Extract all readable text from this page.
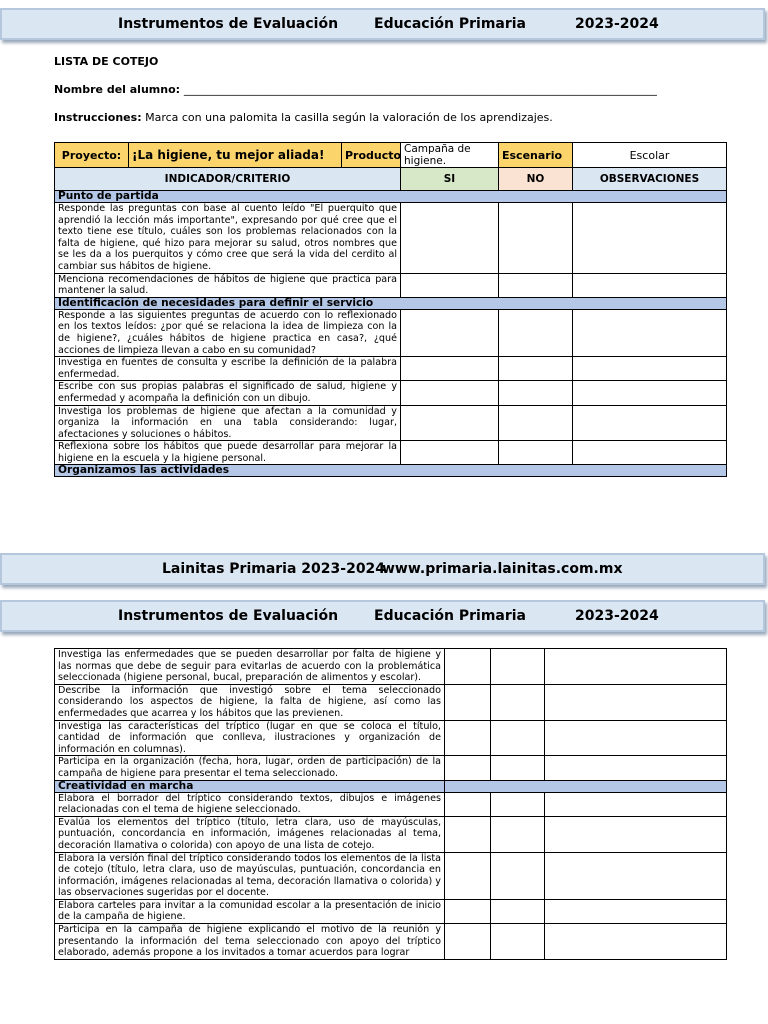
Instrumentos de Evaluación	Educación Primaria	2023-2024
LISTA DE COTEJO
Nombre del alumno: ______________________________________________________________________________________
Instrucciones: Marca con una palomita la casilla según la valoración de los aprendizajes.
Proyecto:	¡La higiene, tu mejor aliada!	Producto	Campaña de higiene.	Escenario	Escolar
INDICADOR/CRITERIO			SI	NO	OBSERVACIONES
Punto de partida					
Responde las preguntas con base al cuento leído "El puerquito que aprendió la lección más importante", expresando por qué cree que el texto tiene ese título, cuáles son los problemas relacionados con la falta de higiene, qué hizo para mejorar su salud, otros nombres que se les da a los puerquitos y cómo cree que será la vida del cerdito al cambiar sus hábitos de higiene.					
Menciona recomendaciones de hábitos de higiene que practica para mantener la salud.					
Identificación de necesidades para definir el servicio					
Responde a las siguientes preguntas de acuerdo con lo reflexionado en los textos leídos: ¿por qué se relaciona la idea de limpieza con la de higiene?, ¿cuáles hábitos de higiene practica en casa?, ¿qué acciones de limpieza llevan a cabo en su comunidad?					
Investiga en fuentes de consulta y escribe la definición de la palabra enfermedad.					
Escribe con sus propias palabras el significado de salud, higiene y enfermedad y acompaña la definición con un dibujo.					
Investiga los problemas de higiene que afectan a la comunidad y organiza la información en una tabla considerando: lugar, afectaciones y soluciones o hábitos.					
Reflexiona sobre los hábitos que puede desarrollar para mejorar la higiene en la escuela y la higiene personal.					
Organizamos las actividades					
Lainitas Primaria 2023-2024
www.primaria.lainitas.com.mx
Instrumentos de Evaluación	Educación Primaria	2023-2024
Investiga las enfermedades que se pueden desarrollar por falta de higiene y las normas que debe de seguir para evitarlas de acuerdo con la problemática seleccionada (higiene personal, bucal, preparación de alimentos y escolar).			
Describe la información que investigó sobre el tema seleccionado considerando los aspectos de higiene, la falta de higiene, así como las enfermedades que acarrea y los hábitos que las previenen.			
Investiga las características del tríptico (lugar en que se coloca el título, cantidad de información que conlleva, ilustraciones y organización de información en columnas).			
Participa en la organización (fecha, hora, lugar, orden de participación) de la campaña de higiene para presentar el tema seleccionado.			
Creatividad en marcha			
Elabora el borrador del tríptico considerando textos, dibujos e imágenes relacionadas con el tema de higiene seleccionado.			
Evalúa los elementos del tríptico (título, letra clara, uso de mayúsculas, puntuación, concordancia en información, imágenes relacionadas al tema, decoración llamativa o colorida) con apoyo de una lista de cotejo.			
Elabora la versión final del tríptico considerando todos los elementos de la lista de cotejo (título, letra clara, uso de mayúsculas, puntuación, concordancia en información, imágenes relacionadas al tema, decoración llamativa o colorida) y las observaciones sugeridas por el docente.			
Elabora carteles para invitar a la comunidad escolar a la presentación de inicio de la campaña de higiene.			
Participa en la campaña de higiene explicando el motivo de la reunión y presentando la información del tema seleccionado con apoyo del tríptico elaborado, además propone a los invitados a tomar acuerdos para lograr			
